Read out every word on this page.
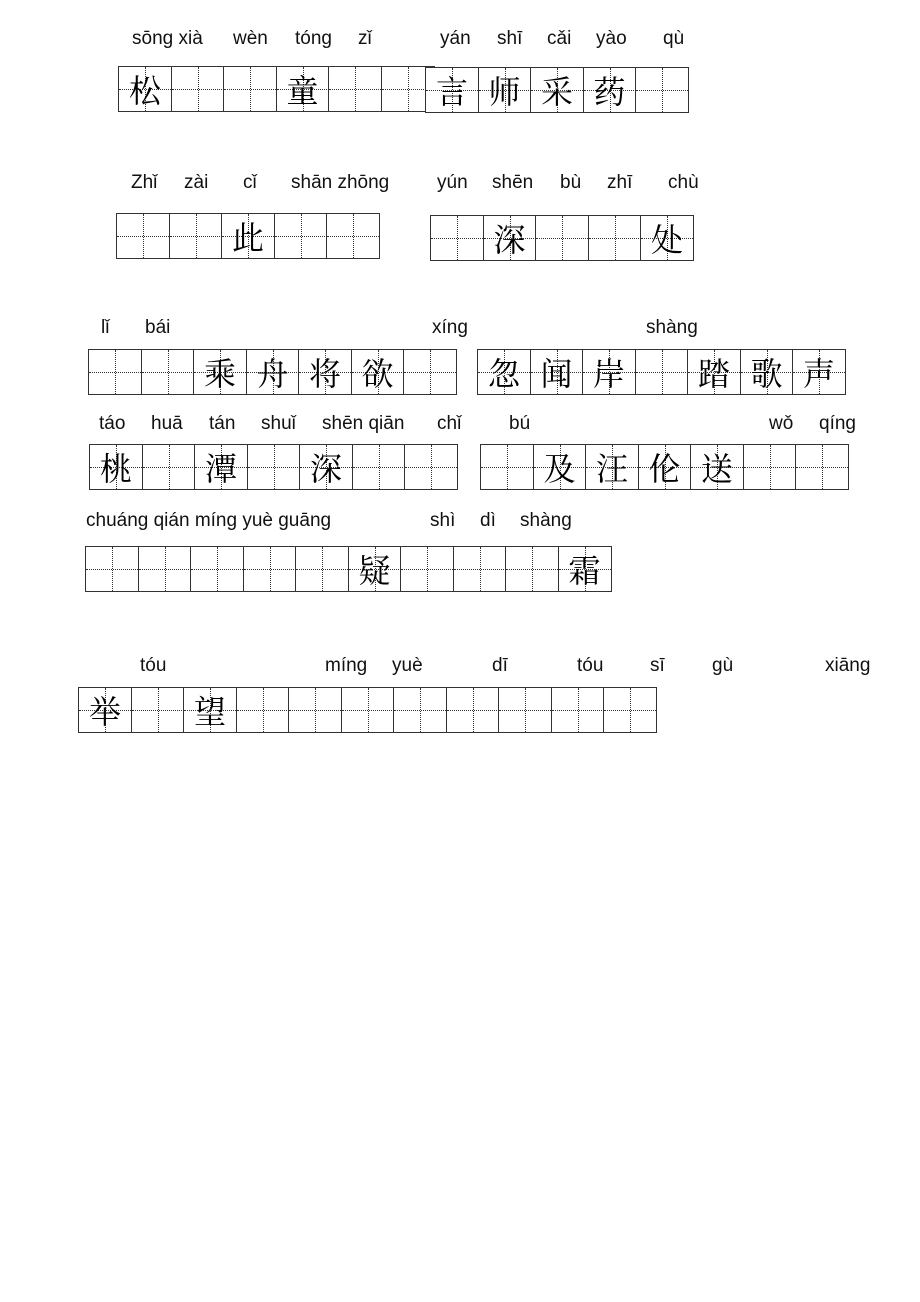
sōng xià wèn tóng zǐ	yán shī cǎi yào qù
松	童	言 师 采 药
Zhǐ zài cǐ shān zhōng	yún shēn bù zhī chù
此	深	处
lǐ bái	xíng	shàng
乘 舟 将 欲	忽 闻 岸	踏 歌 声
táo huā tán shuǐ shēn qiān chǐ	bú	wǒ qíng
桃	潭	深	及 汪 伦 送
chuáng qián míng yuè guāng	shì dì shàng
疑	霜
tóu	míng yuè	dī	tóu sī gù	xiāng
举	望
